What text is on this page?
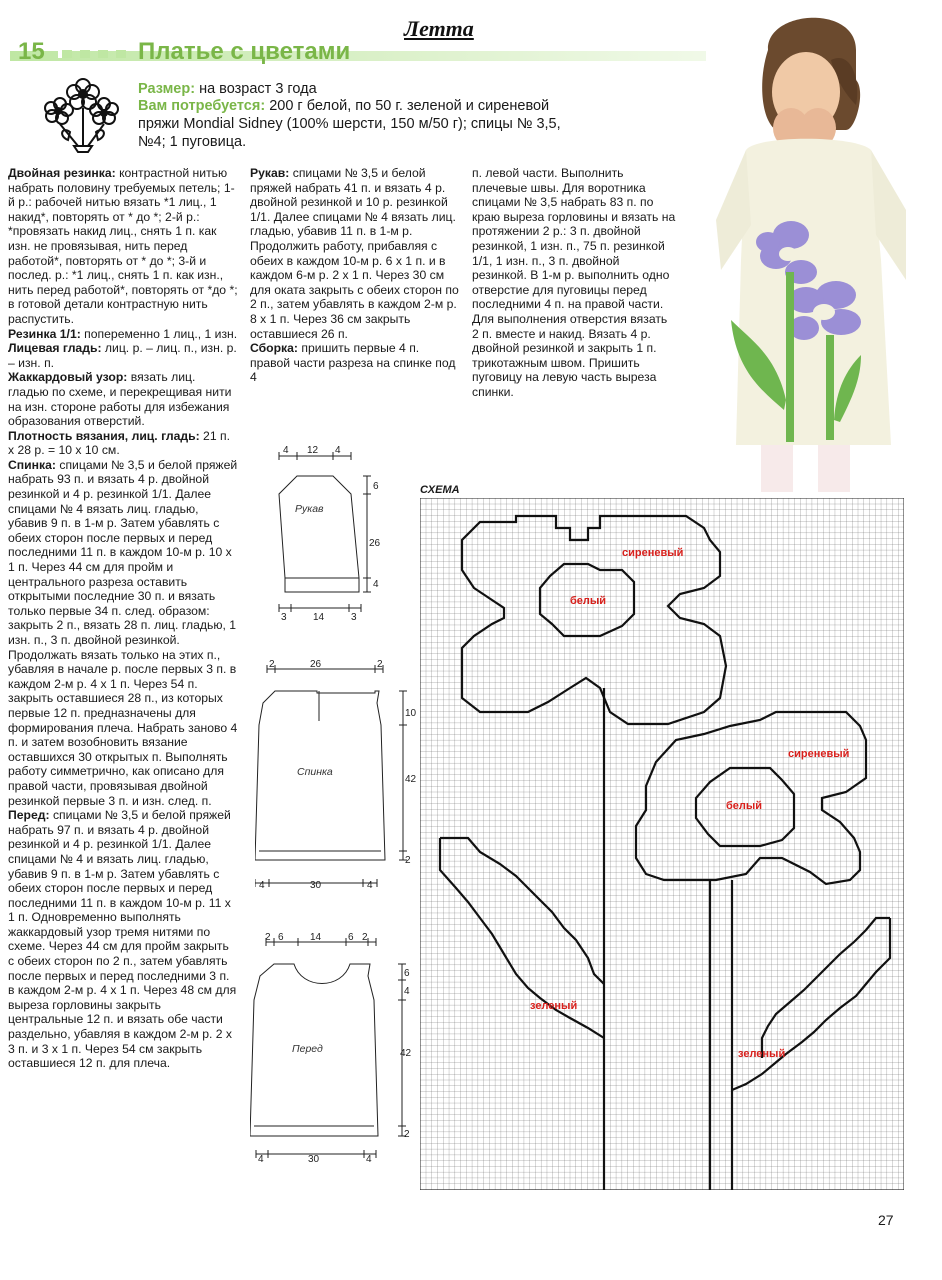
Летта
15	Платье с цветами
Размер: на возраст 3 года
Вам потребуется: 200 г белой, по 50 г. зеленой и сиреневой
пряжи Mondial Sidney (100% шерсти, 150 м/50 г); спицы № 3,5,
№4; 1 пуговица.

Двойная резинка: контрастной нитью набрать половину требуемых петель; 1-й р.: рабочей нитью вязать *1 лиц., 1 накид*, повторять от * до *; 2-й р.: *провязать накид лиц., снять 1 п. как изн. не провязывая, нить перед работой*, повторять от * до *; 3-й и послед. р.: *1 лиц., снять 1 п. как изн., нить перед работой*, повторять от *до *; в готовой детали контрастную нить распустить.

Резинка 1/1: попеременно 1 лиц., 1 изн.

Лицевая гладь: лиц. р. – лиц. п., изн. р. – изн. п.

Жаккардовый узор: вязать лиц. гладью по схеме, и перекрещивая нити на изн. стороне работы для избежания образования отверстий.

Плотность вязания, лиц. гладь: 21 п. х 28 р. = 10 х 10 см.

Спинка: спицами № 3,5 и белой пряжей набрать 93 п. и вязать 4 р. двойной резинкой и 4 р. резинкой 1/1. Далее спицами № 4 вязать лиц. гладью, убавив 9 п. в 1-м р. Затем убавлять с обеих сторон после первых и перед последними 11 п. в каждом 10-м р. 10 х 1 п. Через 44 см для пройм и центрального разреза оставить открытыми последние 30 п. и вязать только первые 34 п. след. образом: закрыть 2 п., вязать 28 п. лиц. гладью, 1 изн. п., 3 п. двойной резинкой. Продолжать вязать только на этих п., убавляя в начале р. после первых 3 п. в каждом 2-м р. 4 х 1 п. Через 54 п. закрыть оставшиеся 28 п., из которых первые 12 п. предназначены для формирования плеча. Набрать заново 4 п. и затем возобновить вязание оставшихся 30 открытых п. Выполнять работу симметрично, как описано для правой части, провязывая двойной резинкой первые 3 п. и изн. след. п.

Перед: спицами № 3,5 и белой пряжей набрать 97 п. и вязать 4 р. двойной резинкой и 4 р. резинкой 1/1. Далее спицами № 4 и вязать лиц. гладью, убавив 9 п. в 1-м р. Затем убавлять с обеих сторон после первых и перед последними 11 п. в каждом 10-м р. 11 х 1 п. Одновременно выполнять жаккардовый узор тремя нитями по схеме. Через 44 см для пройм закрыть с обеих сторон по 2 п., затем убавлять после первых и перед последними 3 п. в каждом 2-м р. 4 х 1 п. Через 48 см для выреза горловины закрыть центральные 12 п. и вязать обе части раздельно, убавляя в каждом 2-м р. 2 х 3 п. и 3 х 1 п. Через 54 см закрыть оставшиеся 12 п. для плеча.

Рукав: спицами № 3,5 и белой пряжей набрать 41 п. и вязать 4 р. двойной резинкой и 10 р. резинкой 1/1. Далее спицами № 4 вязать лиц. гладью, убавив 11 п. в 1-м р. Продолжить работу, прибавляя с обеих в каждом 10-м р. 6 х 1 п. и в каждом 6-м р. 2 х 1 п. Через 30 см для оката закрыть с обеих сторон по 2 п., затем убавлять в каждом 2-м р. 8 х 1 п. Через 36 см закрыть оставшиеся 26 п.

Сборка: пришить первые 4 п. правой части разреза на спинке под 4

п. левой части. Выполнить плечевые швы. Для воротника спицами № 3,5 набрать 83 п. по краю выреза горловины и вязать на протяжении 2 р.: 3 п. двойной резинкой, 1 изн. п., 75 п. резинкой 1/1, 1 изн. п., 3 п. двойной резинкой. В 1-м р. выполнить одно отверстие для пуговицы перед последними 4 п. на правой части. Для выполнения отверстия вязать 2 п. вместе и накид. Вязать 4 р. двойной резинкой и закрыть 1 п. трикотажным швом. Пришить пуговицу на левую часть выреза спинки.

4 12 4
6
26
4
3	14	3
Рукав
2	26	2
10
42
2
4	30	4
Спинка
2 6	14	6 2
6
4
42
2
4	30	4
Перед
СХЕМА
сиреневый
белый
сиреневый
белый
зеленый
зеленый
27
